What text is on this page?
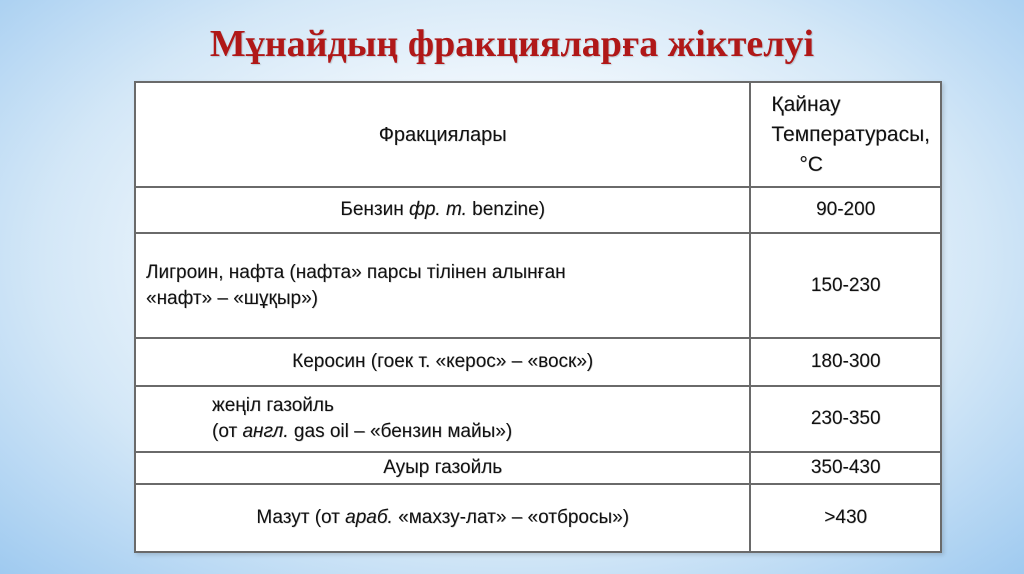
Мұнайдың фракцияларға жіктелуі
Фракциялары	Қайнау
Температурасы,
°С

Бензин фр. т. benzine)	90-200

Лигроин, нафта (нафта» парсы тілінен алынған
«нафт» – «шұқыр»)	150-230
Керосин (гоек т. «керос» – «воск»)	180-300

жеңіл газойль
(от англ. gas oil – «бензин майы»)	230-350
Ауыр газойль	350-430
Мазут (от араб. «махзу-лат» – «отбросы»)	>430
